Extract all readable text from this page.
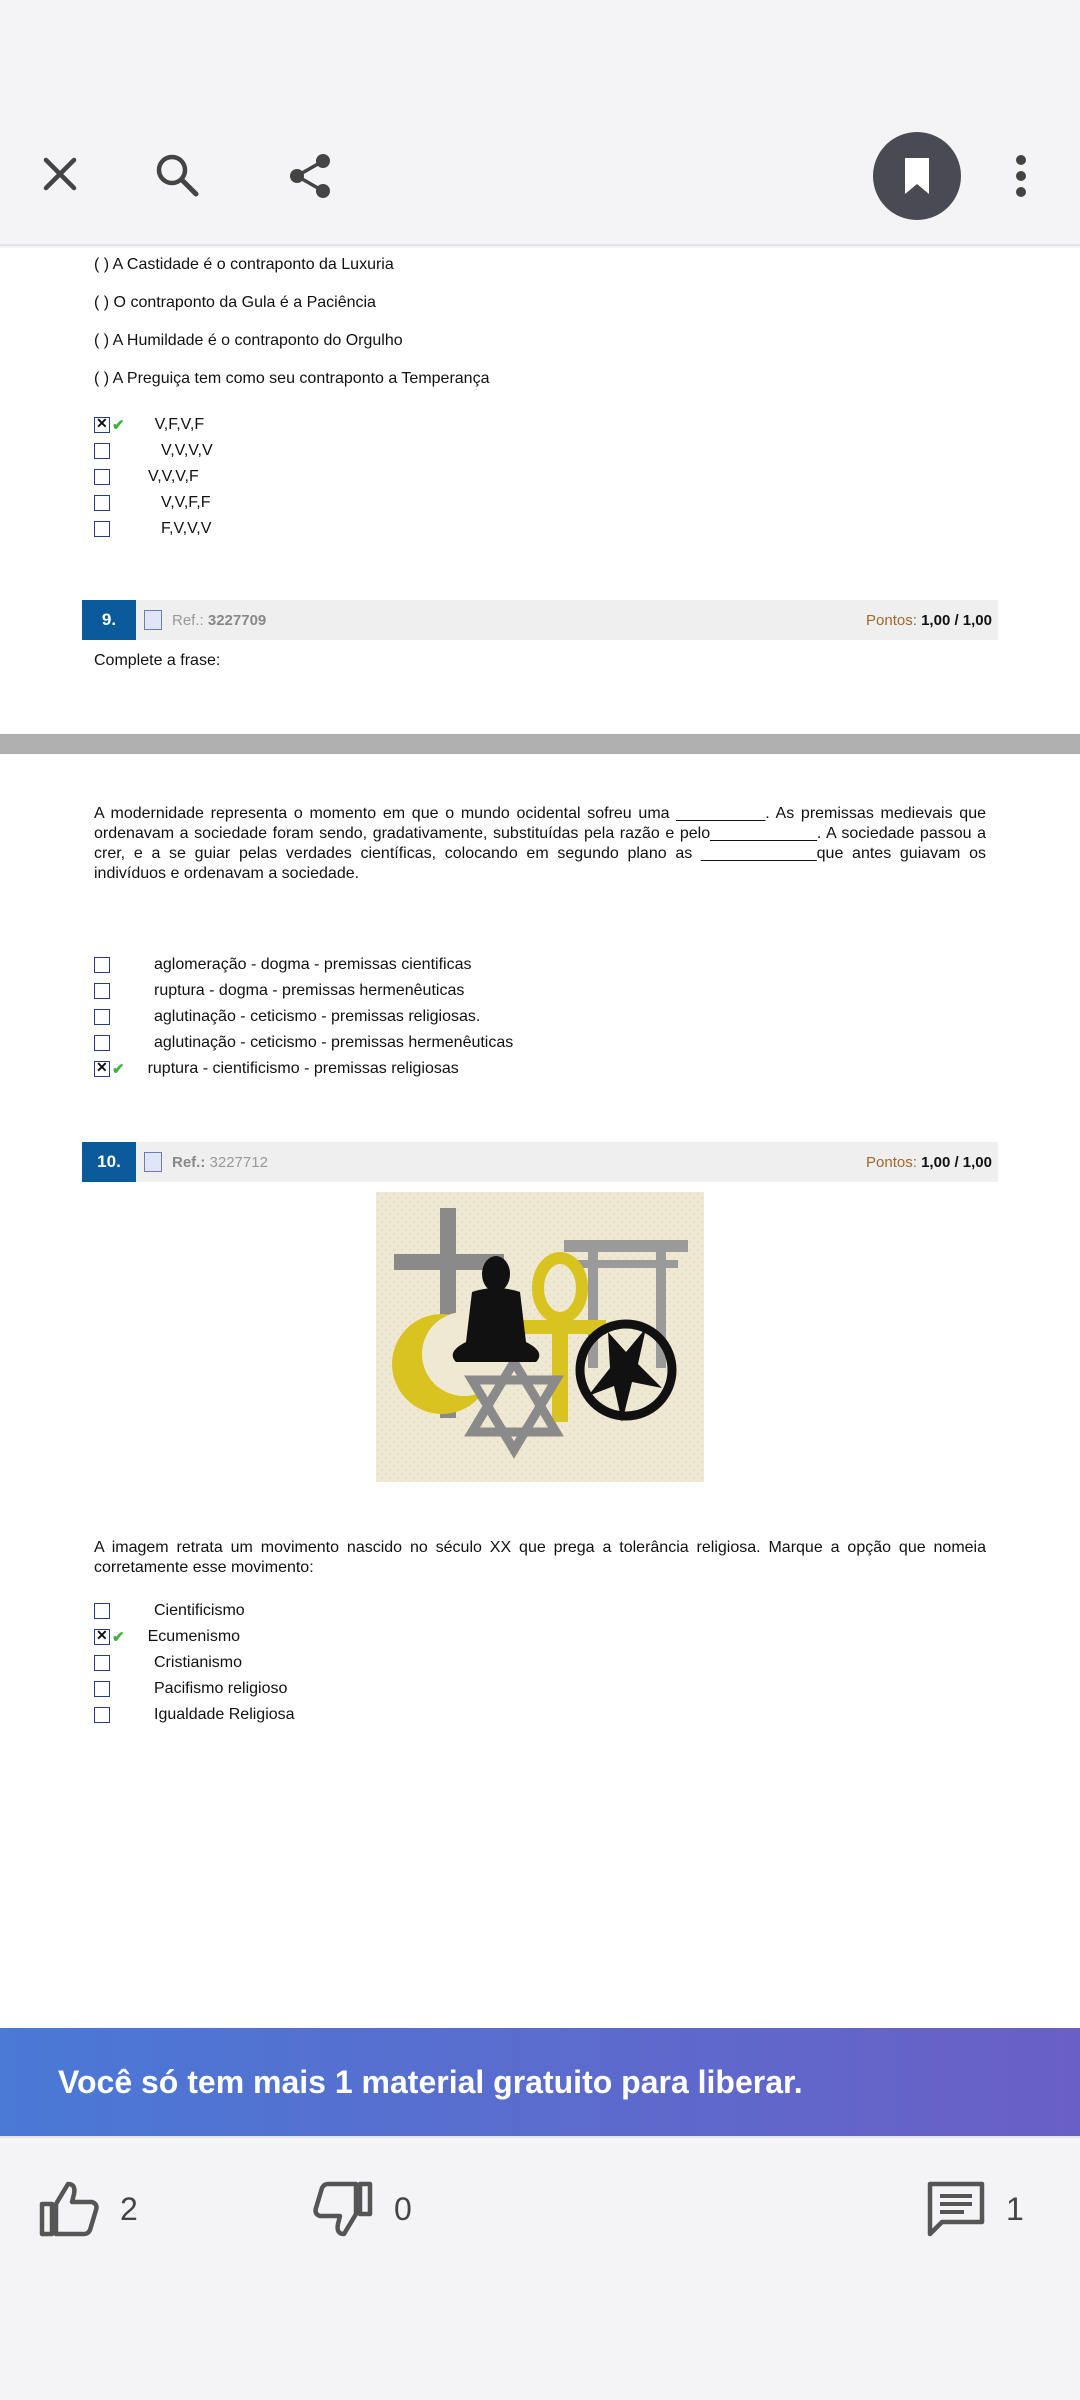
( ) A Castidade é o contraponto da Luxuria
( ) O contraponto da Gula é a Paciência
( ) A Humildade é o contraponto do Orgulho
( ) A Preguiça tem como seu contraponto a Temperança
✕
✔ V,F,V,F
V,V,V,V
V,V,V,F
V,V,F,F
F,V,V,V
9.	Ref.: 3227709	Pontos: 1,00 / 1,00
Complete a frase:
A modernidade representa o momento em que o mundo ocidental sofreu uma __________. As premissas medievais que ordenavam a sociedade foram sendo, gradativamente, substituídas pela razão e pelo____________. A sociedade passou a crer, e a se guiar pelas verdades científicas, colocando em segundo plano as _____________que antes guiavam os indivíduos e ordenavam a sociedade.
aglomeração - dogma - premissas cientificas
ruptura - dogma - premissas hermenêuticas
aglutinação - ceticismo - premissas religiosas.
aglutinação - ceticismo - premissas hermenêuticas
✕
✔ ruptura - cientificismo - premissas religiosas
10.	Ref.: 3227712	Pontos: 1,00 / 1,00
A imagem retrata um movimento nascido no século XX que prega a tolerância religiosa. Marque a opção que nomeia corretamente esse movimento:
Cientificismo
✕
✔ Ecumenismo
Cristianismo
Pacifismo religioso
Igualdade Religiosa
Você só tem mais 1 material gratuito para liberar.
2	0	1
